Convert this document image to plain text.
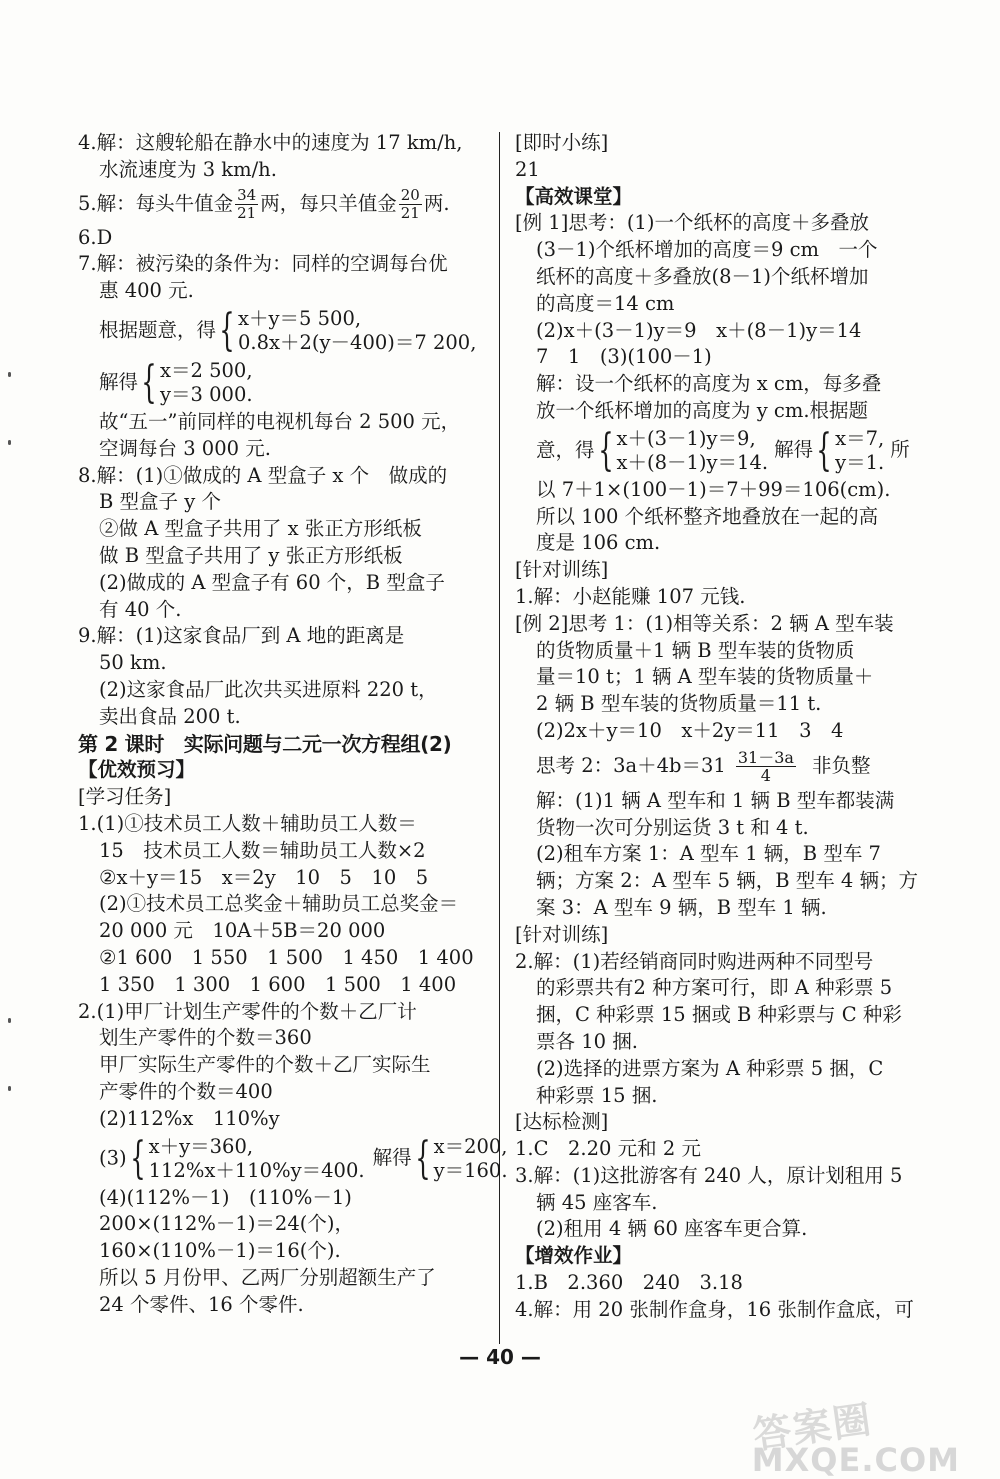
4.解：这艘轮船在静水中的速度为 17 km/h,
水流速度为 3 km/h.
5.解：每头牛值金 $\frac{34}{21}$ 两，每只羊值金 $\frac{20}{21}$ 两.
6.D
7.解：被污染的条件为：同样的空调每台优
惠 400 元.
根据题意，得 { x＋y＝5 500,
0.8x＋2(y－400)＝7 200,
解得 { x＝2 500,
y＝3 000.
故“五一”前同样的电视机每台 2 500 元，
空调每台 3 000 元.
8.解：(1)①做成的 A 型盒子 x 个　做成的
B 型盒子 y 个
②做 A 型盒子共用了 x 张正方形纸板
做 B 型盒子共用了 y 张正方形纸板
(2)做成的 A 型盒子有 60 个，B 型盒子
有 40 个.
9.解：(1)这家食品厂到 A 地的距离是
50 km.
(2)这家食品厂此次共买进原料 220 t，
卖出食品 200 t.
第 2 课时　实际问题与二元一次方程组(2)
【优效预习】
[学习任务]
1.(1)①技术员工人数＋辅助员工人数＝
15　技术员工人数＝辅助员工人数×2
②x＋y＝15　x＝2y　10　5　10　5
(2)①技术员工总奖金＋辅助员工总奖金＝
20 000 元　10A＋5B＝20 000
②1 600　1 550　1 500　1 450　1 400
1 350　1 300　1 600　1 500　1 400
2.(1)甲厂计划生产零件的个数＋乙厂计
划生产零件的个数＝360
甲厂实际生产零件的个数＋乙厂实际生
产零件的个数＝400
(2)112%x　110%y
(3) { x＋y＝360,
112%x＋110%y＝400.
解得 { x＝200,
y＝160.
(4)(112%－1)　(110%－1)
200×(112%－1)＝24(个)，
160×(110%－1)＝16(个).
所以 5 月份甲、乙两厂分别超额生产了
24 个零件、16 个零件.
[即时小练]
21
【高效课堂】
[例 1]思考：(1)一个纸杯的高度＋多叠放
(3－1)个纸杯增加的高度＝9 cm　一个
纸杯的高度＋多叠放(8－1)个纸杯增加
的高度＝14 cm
(2)x＋(3－1)y＝9　x＋(8－1)y＝14
7　1　(3)(100－1)
解：设一个纸杯的高度为 x cm，每多叠
放一个纸杯增加的高度为 y cm.根据题
意，得 { x＋(3－1)y＝9,
x＋(8－1)y＝14.
解得 { x＝7,
y＝1.
所
以 7＋1×(100－1)＝7＋99＝106(cm).
所以 100 个纸杯整齐地叠放在一起的高
度是 106 cm.
[针对训练]
1.解：小赵能赚 107 元钱.
[例 2]思考 1：(1)相等关系：2 辆 A 型车装
的货物质量＋1 辆 B 型车装的货物质
量＝10 t；1 辆 A 型车装的货物质量＋
2 辆 B 型车装的货物质量＝11 t.
(2)2x＋y＝10　x＋2y＝11　3　4
思考 2：$3a+4b=31 \frac{31-3a}{4}$ 非负整
解：(1)1 辆 A 型车和 1 辆 B 型车都装满
货物一次可分别运货 3 t 和 4 t.
(2)租车方案 1：A 型车 1 辆，B 型车 7
辆；方案 2：A 型车 5 辆，B 型车 4 辆；方
案 3：A 型车 9 辆，B 型车 1 辆.
[针对训练]
2.解：(1)若经销商同时购进两种不同型号
的彩票共有2 种方案可行，即 A 种彩票 5
捆，C 种彩票 15 捆或 B 种彩票与 C 种彩
票各 10 捆.
(2)选择的进票方案为 A 种彩票 5 捆，C
种彩票 15 捆.
[达标检测]
1.C　2.20 元和 2 元
3.解：(1)这批游客有 240 人，原计划租用 5
辆 45 座客车.
(2)租用 4 辆 60 座客车更合算.
【增效作业】
1.B　2.360　240　3.18
4.解：用 20 张制作盒身，16 张制作盒底，可
— 40 —
答案圈
MXQE.COM
